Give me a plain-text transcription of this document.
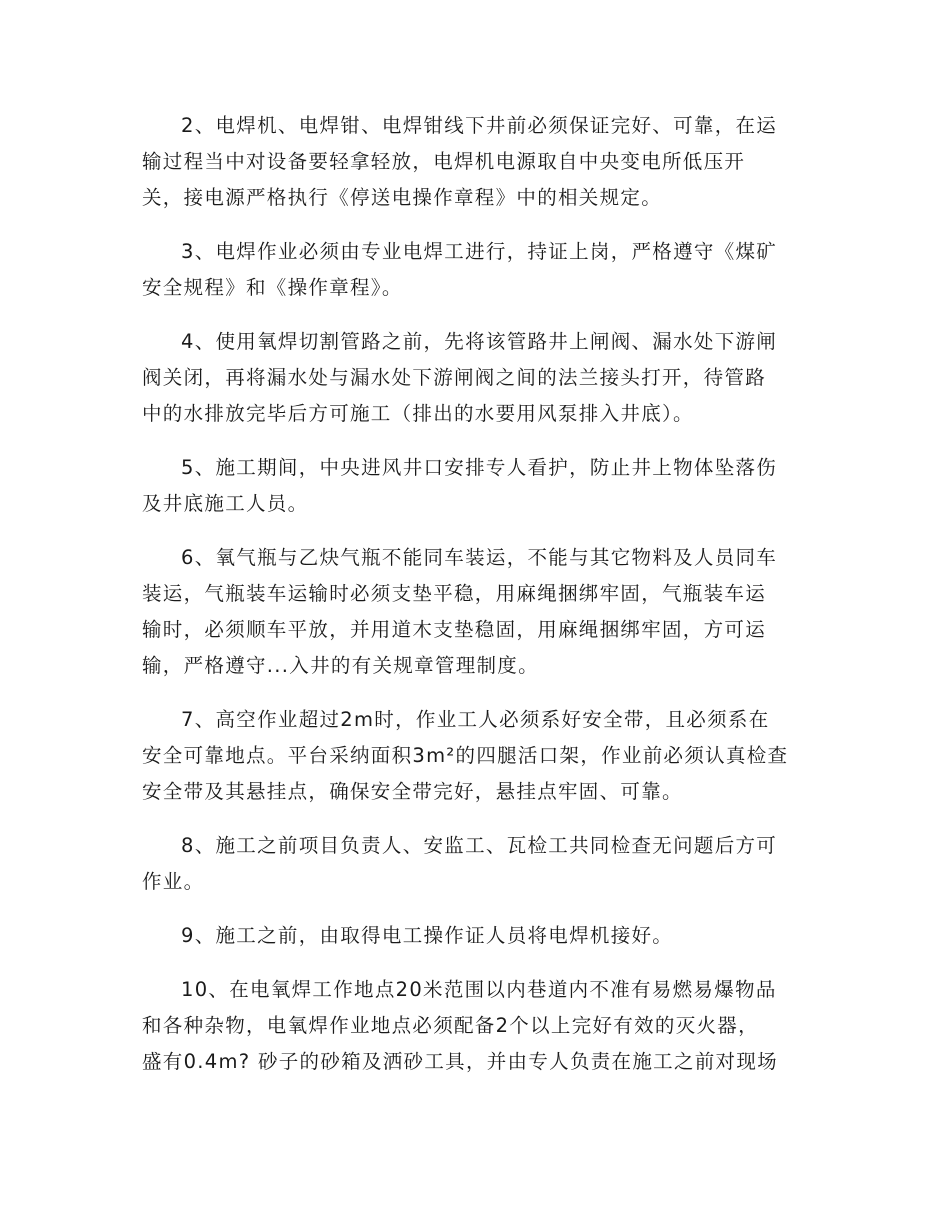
2、电焊机、电焊钳、电焊钳线下井前必须保证完好、可靠，在运
输过程当中对设备要轻拿轻放，电焊机电源取自中央变电所低压开
关，接电源严格执行《停送电操作章程》中的相关规定。

3、电焊作业必须由专业电焊工进行，持证上岗，严格遵守《煤矿
安全规程》和《操作章程》。

4、使用氧焊切割管路之前，先将该管路井上闸阀、漏水处下游闸
阀关闭，再将漏水处与漏水处下游闸阀之间的法兰接头打开，待管路
中的水排放完毕后方可施工（排出的水要用风泵排入井底）。

5、施工期间，中央进风井口安排专人看护，防止井上物体坠落伤
及井底施工人员。

6、氧气瓶与乙炔气瓶不能同车装运，不能与其它物料及人员同车
装运，气瓶装车运输时必须支垫平稳，用麻绳捆绑牢固，气瓶装车运
输时，必须顺车平放，并用道木支垫稳固，用麻绳捆绑牢固，方可运
输，严格遵守...入井的有关规章管理制度。

7、高空作业超过2m时，作业工人必须系好安全带，且必须系在
安全可靠地点。平台采纳面积3m²的四腿活口架，作业前必须认真检查
安全带及其悬挂点，确保安全带完好，悬挂点牢固、可靠。

8、施工之前项目负责人、安监工、瓦检工共同检查无问题后方可
作业。

9、施工之前，由取得电工操作证人员将电焊机接好。

10、在电氧焊工作地点20米范围以内巷道内不准有易燃易爆物品
和各种杂物，电氧焊作业地点必须配备2个以上完好有效的灭火器，
盛有0.4m? 砂子的砂箱及洒砂工具，并由专人负责在施工之前对现场
